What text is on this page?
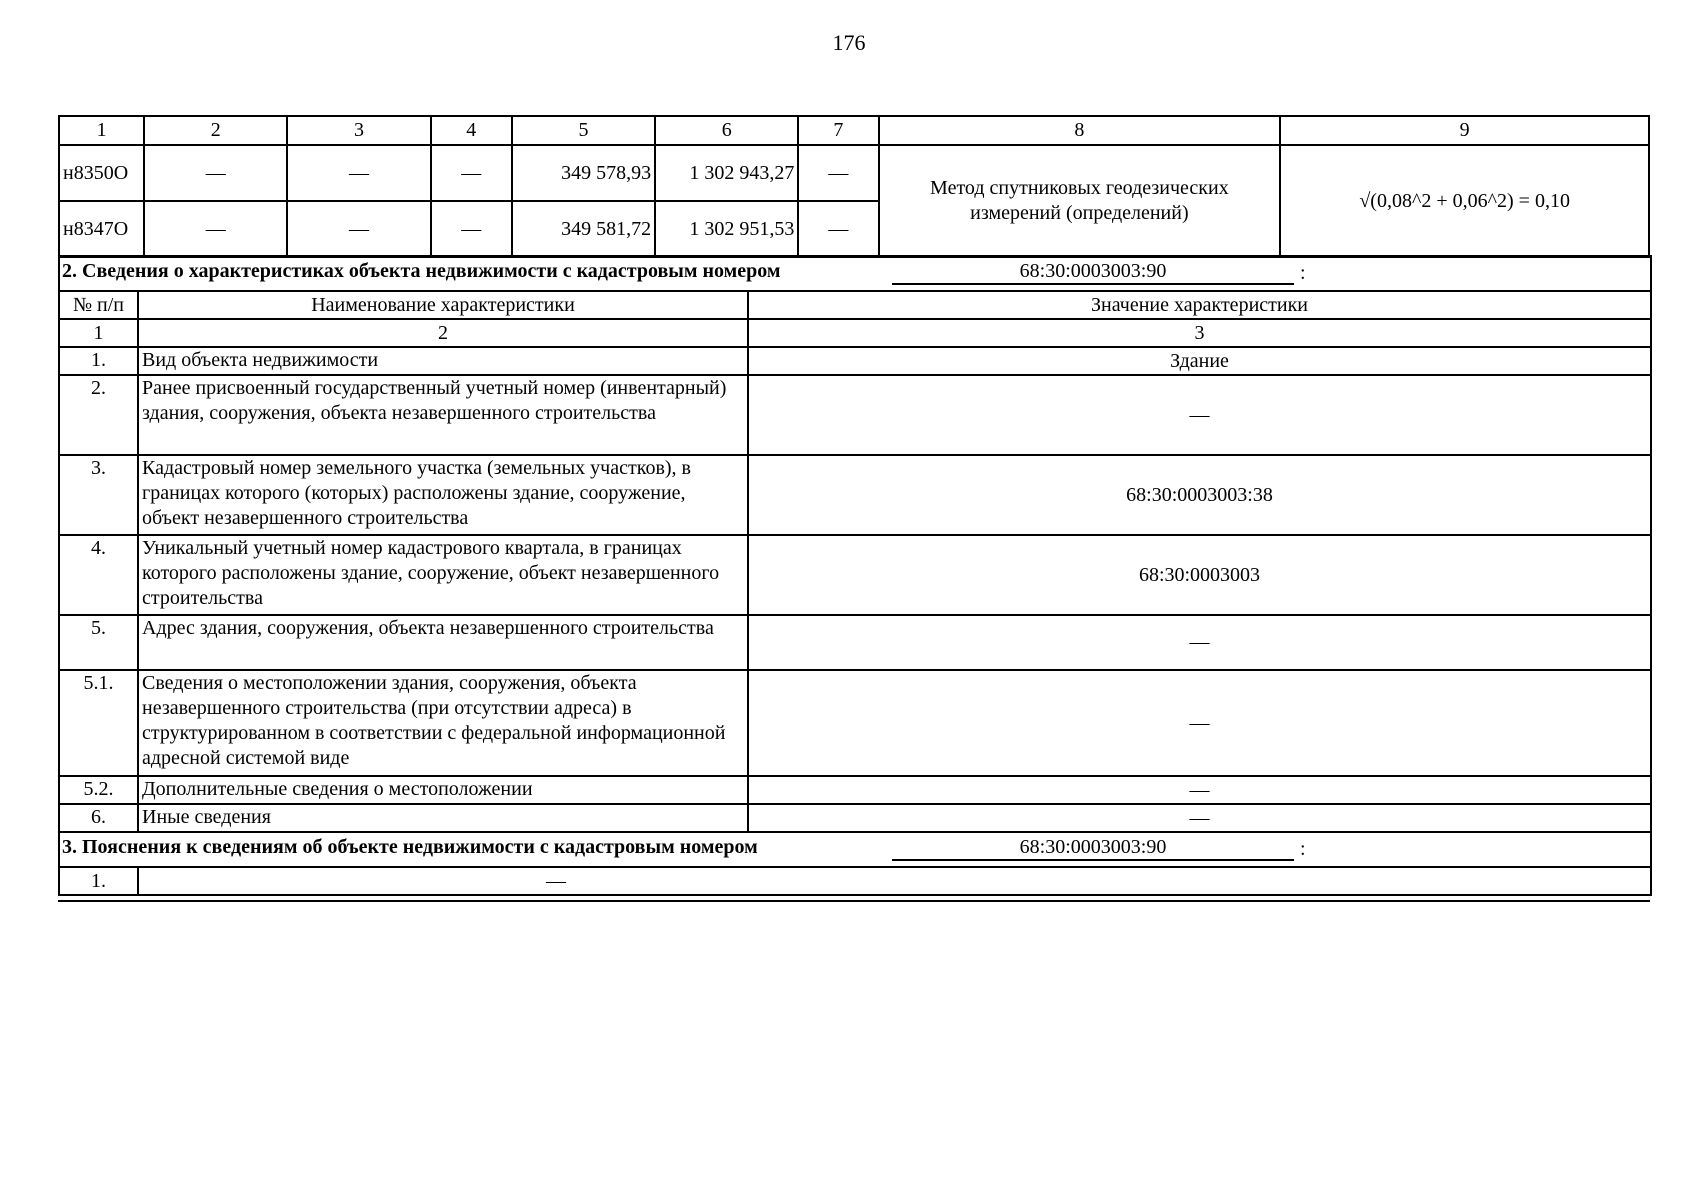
176
1	2	3	4	5	6	7	8	9
н8350О	—	—	—	349 578,93	1 302 943,27	—	Метод спутниковых геодезических измерений (определений)	√(0,08^2 + 0,06^2) = 0,10
н8347О	—	—	—	349 581,72	1 302 951,53	—		
2. Сведения о характеристиках объекта недвижимости с кадастровым номером 68:30:0003003:90 :		

№ п/п	Наименование характеристики	Значение характеристики
1	2	3
1.	Вид объекта недвижимости	Здание
2.	Ранее присвоенный государственный учетный номер (инвентарный) здания, сооружения, объекта незавершенного строительства	—
3.	Кадастровый номер земельного участка (земельных участков), в границах которого (которых) расположены здание, сооружение, объект незавершенного строительства	68:30:0003003:38
4.	Уникальный учетный номер кадастрового квартала, в границах которого расположены здание, сооружение, объект незавершенного строительства	68:30:0003003
5.	Адрес здания, сооружения, объекта незавершенного строительства	—
5.1.	Сведения о местоположении здания, сооружения, объекта незавершенного строительства (при отсутствии адреса) в структурированном в соответствии с федеральной информационной адресной системой виде	—
5.2.	Дополнительные сведения о местоположении	—
6.	Иные сведения	—

3. Пояснения к сведениям об объекте недвижимости с кадастровым номером 68:30:0003003:90 :		

1.	—	
